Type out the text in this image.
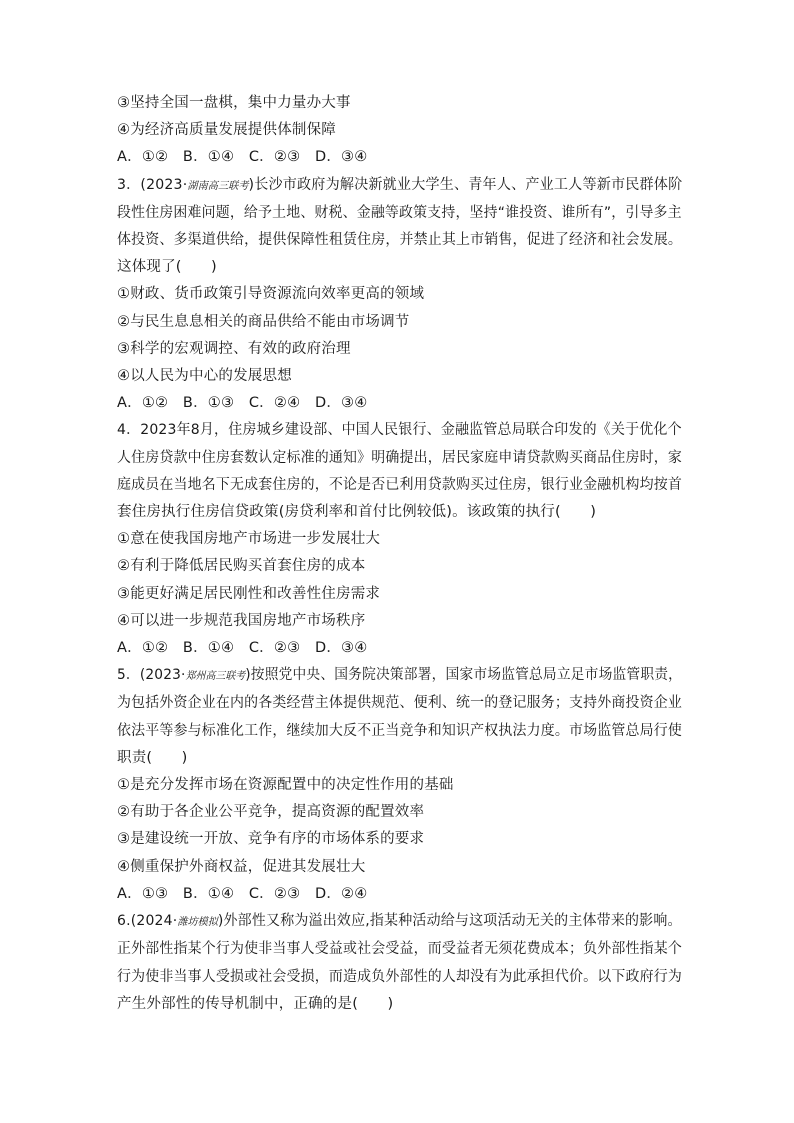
③坚持全国一盘棋，集中力量办大事
④为经济高质量发展提供体制保障
A．①②　B．①④　C．②③　D．③④
3．(2023·湖南高三联考)长沙市政府为解决新就业大学生、青年人、产业工人等新市民群体阶
段性住房困难问题，给予土地、财税、金融等政策支持，坚持“谁投资、谁所有”，引导多主
体投资、多渠道供给，提供保障性租赁住房，并禁止其上市销售，促进了经济和社会发展。
这体现了(　　)
①财政、货币政策引导资源流向效率更高的领域
②与民生息息相关的商品供给不能由市场调节
③科学的宏观调控、有效的政府治理
④以人民为中心的发展思想
A．①②　B．①③　C．②④　D．③④
4．2023年8月，住房城乡建设部、中国人民银行、金融监管总局联合印发的《关于优化个
人住房贷款中住房套数认定标准的通知》明确提出，居民家庭申请贷款购买商品住房时，家
庭成员在当地名下无成套住房的，不论是否已利用贷款购买过住房，银行业金融机构均按首
套住房执行住房信贷政策(房贷利率和首付比例较低)。该政策的执行(　　)
①意在使我国房地产市场进一步发展壮大
②有利于降低居民购买首套住房的成本
③能更好满足居民刚性和改善性住房需求
④可以进一步规范我国房地产市场秩序
A．①②　B．①④　C．②③　D．③④
5．(2023·郑州高三联考)按照党中央、国务院决策部署，国家市场监管总局立足市场监管职责，
为包括外资企业在内的各类经营主体提供规范、便利、统一的登记服务；支持外商投资企业
依法平等参与标准化工作，继续加大反不正当竞争和知识产权执法力度。市场监管总局行使
职责(　　)
①是充分发挥市场在资源配置中的决定性作用的基础
②有助于各企业公平竞争，提高资源的配置效率
③是建设统一开放、竞争有序的市场体系的要求
④侧重保护外商权益，促进其发展壮大
A．①③　B．①④　C．②③　D．②④
6.(2024·潍坊模拟)外部性又称为溢出效应,指某种活动给与这项活动无关的主体带来的影响。
正外部性指某个行为使非当事人受益或社会受益，而受益者无须花费成本；负外部性指某个
行为使非当事人受损或社会受损，而造成负外部性的人却没有为此承担代价。以下政府行为
产生外部性的传导机制中，正确的是(　　)
